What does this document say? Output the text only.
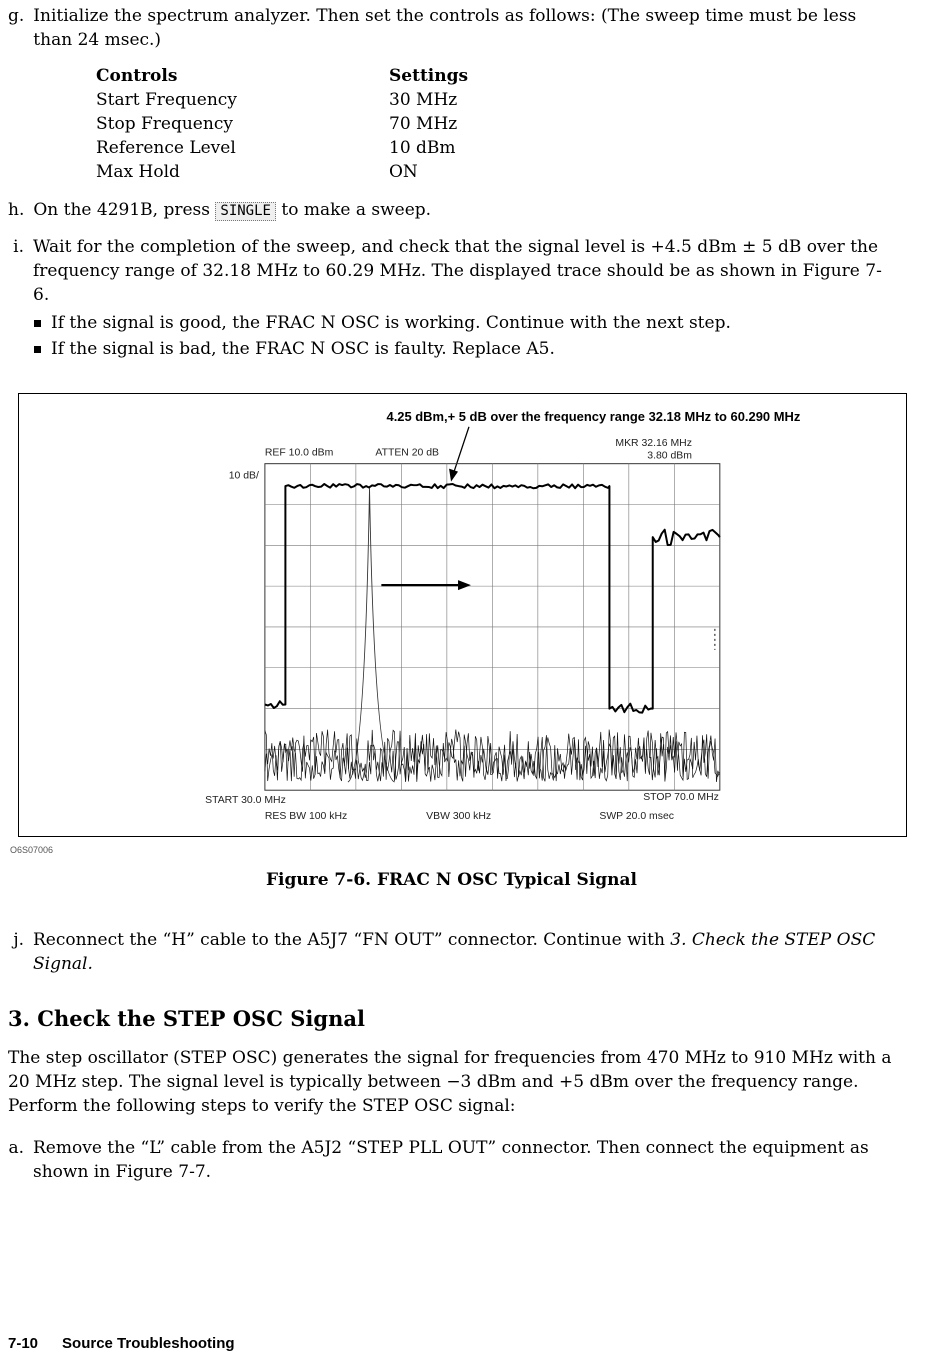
g. Initialize the spectrum analyzer. Then set the controls as follows: (The sweep time must be less than 24 msec.)
Controls	Settings
Start Frequency	30 MHz
Stop Frequency	70 MHz
Reference Level	10 dBm
Max Hold	ON
h. On the 4291B, press SINGLE to make a sweep.
i. Wait for the completion of the sweep, and check that the signal level is +4.5 dBm ± 5 dB over the frequency range of 32.18 MHz to 60.29 MHz. The displayed trace should be as shown in Figure 7-6.
If the signal is good, the FRAC N OSC is working. Continue with the next step.
If the signal is bad, the FRAC N OSC is faulty. Replace A5.
4.25 dBm,+ 5 dB over the frequency range 32.18 MHz to 60.290 MHz
REF 10.0 dBm	ATTEN 20 dB
MKR 32.16 MHz
3.80 dBm
10 dB/
START 30.0 MHz	STOP 70.0 MHz
RES BW 100 kHz	VBW 300 kHz	SWP 20.0 msec
O6S07006
Figure 7-6. FRAC N OSC Typical Signal
j. Reconnect the “H” cable to the A5J7 “FN OUT” connector. Continue with 3. Check the STEP OSC Signal.
3. Check the STEP OSC Signal

The step oscillator (STEP OSC) generates the signal for frequencies from 470 MHz to 910 MHz with a 20 MHz step. The signal level is typically between −3 dBm and +5 dBm over the frequency range. Perform the following steps to verify the STEP OSC signal:

a. Remove the “L” cable from the A5J2 “STEP PLL OUT” connector. Then connect the equipment as shown in Figure 7-7.
7-10 Source Troubleshooting
